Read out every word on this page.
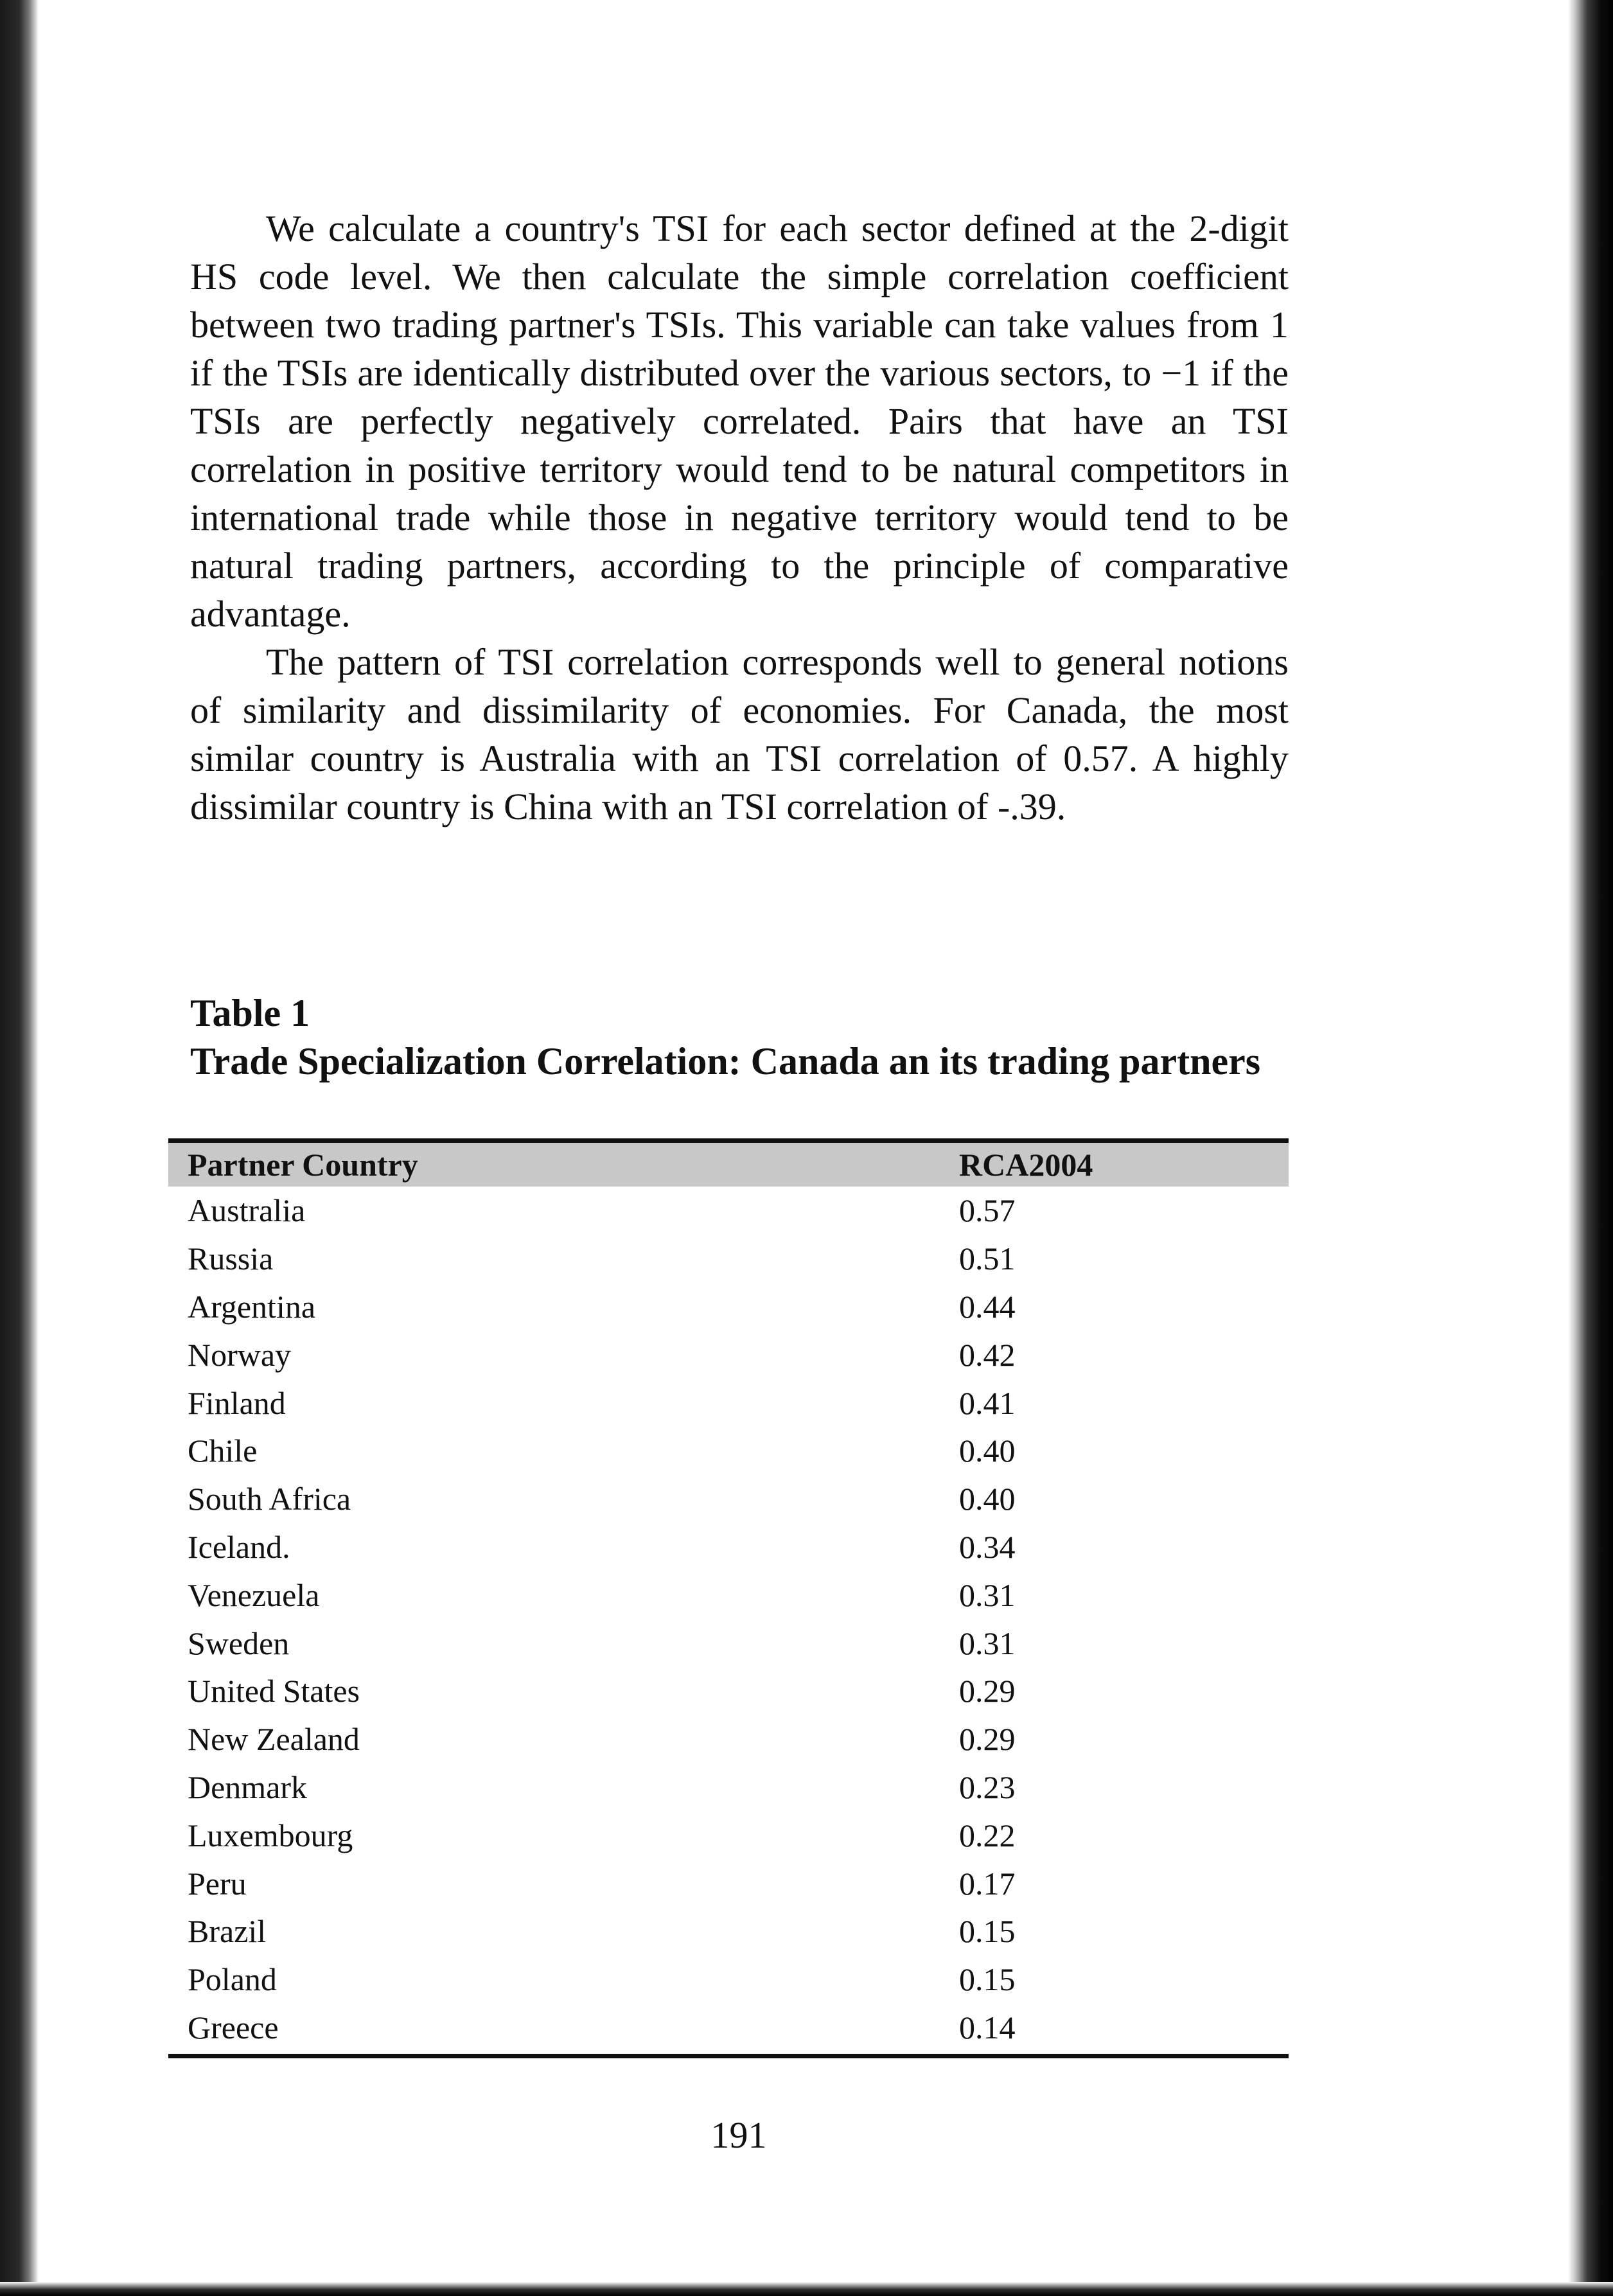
We calculate a country's TSI for each sector defined at the 2-digit HS code level. We then calculate the simple correlation coefficient between two trading partner's TSIs. This variable can take values from 1 if the TSIs are identically distributed over the various sectors, to −1 if the TSIs are perfectly negatively correlated. Pairs that have an TSI correlation in positive territory would tend to be natural competitors in international trade while those in negative territory would tend to be natural trading partners, according to the principle of comparative advantage.

The pattern of TSI correlation corresponds well to general notions of similarity and dissimilarity of economies. For Canada, the most similar country is Australia with an TSI correlation of 0.57. A highly dissimilar country is China with an TSI correlation of -.39.

Table 1
Trade Specialization Correlation: Canada an its trading partners
Partner Country	RCA2004
Australia	0.57
Russia	0.51
Argentina	0.44
Norway	0.42
Finland	0.41
Chile	0.40
South Africa	0.40
Iceland.	0.34
Venezuela	0.31
Sweden	0.31
United States	0.29
New Zealand	0.29
Denmark	0.23
Luxembourg	0.22
Peru	0.17
Brazil	0.15
Poland	0.15
Greece	0.14
191
